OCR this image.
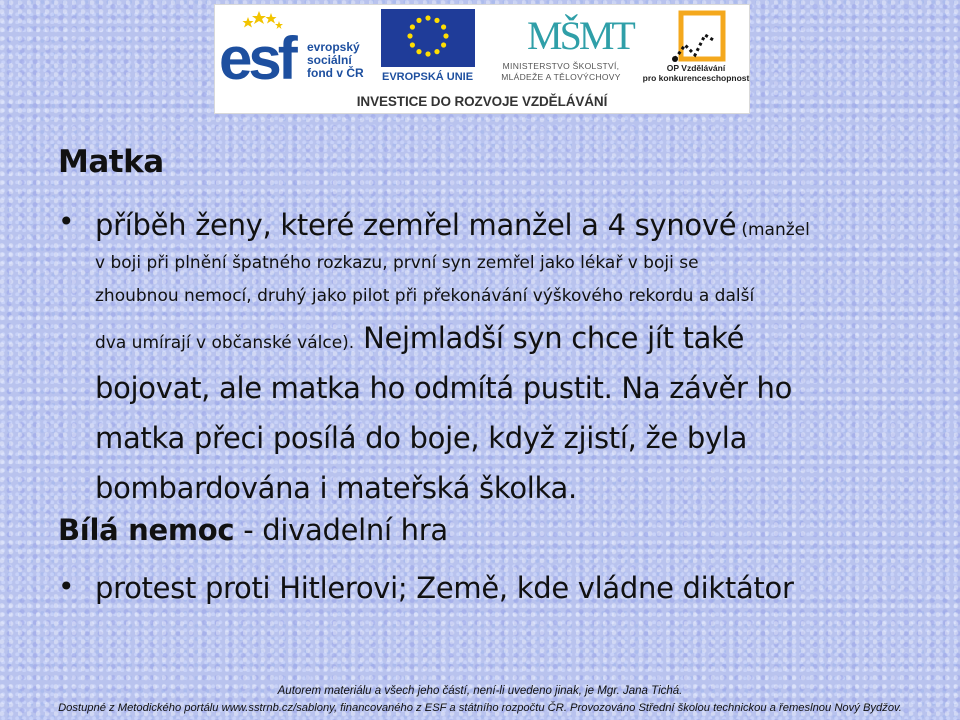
esf	MŠMT
evropský
sociální
fond v ČR EVROPSKÁ UNIE
MINISTERSTVO ŠKOLSTVÍ,
MLÁDEŽE A TĚLOVÝCHOVY
OP Vzdělávání
pro konkurenceschopnost
INVESTICE DO ROZVOJE VZDĚLÁVÁNÍ
Matka
• příběh ženy, které zemřel manžel a 4 synové (manžel
v boji při plnění špatného rozkazu, první syn zemřel jako lékař v boji se
zhoubnou nemocí, druhý jako pilot při překonávání výškového rekordu a další
dva umírají v občanské válce). Nejmladší syn chce jít také
bojovat, ale matka ho odmítá pustit. Na závěr ho
matka přeci posílá do boje, když zjistí, že byla
bombardována i mateřská školka.
Bílá nemoc - divadelní hra
• protest proti Hitlerovi; Země, kde vládne diktátor
Autorem materiálu a všech jeho částí, není-li uvedeno jinak, je Mgr. Jana Tichá.
Dostupné z Metodického portálu www.sstrnb.cz/sablony, financovaného z ESF a státního rozpočtu ČR. Provozováno Střední školou technickou a řemeslnou Nový Bydžov.
